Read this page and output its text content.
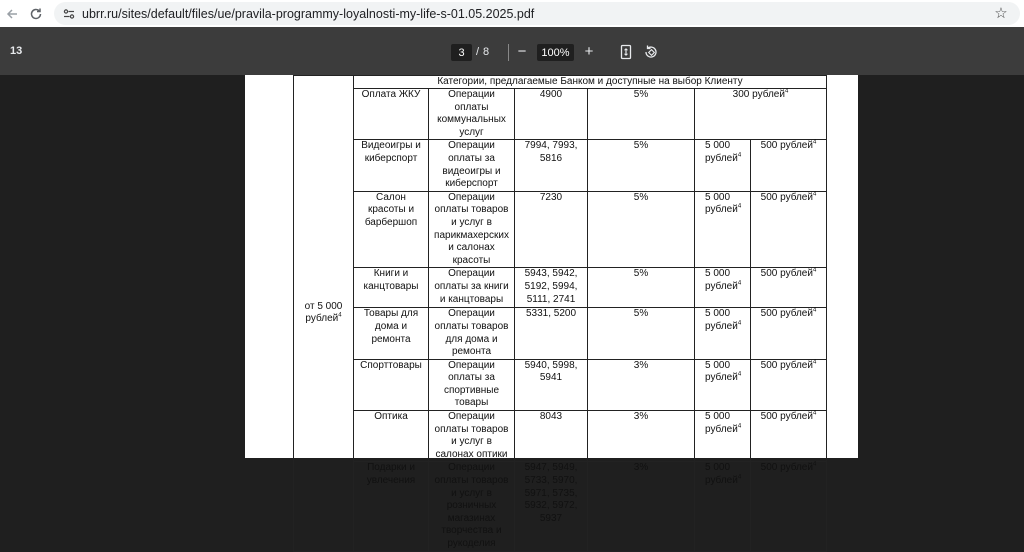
ubrr.ru/sites/default/files/ue/pravila-programmy-loyalnosti-my-life-s-01.05.2025.pdf	☆
13	3	/ 8	−	100%	+
от 5 000 рублей$^4$	Категории, предлагаемые Банком и доступные на выбор Клиенту					
	Оплата ЖКУ	Операции оплаты коммунальных услуг	4900	5%	300 рублей$^4$
	Видеоигры и киберспорт	Операции оплаты за видеоигры и киберспорт	7994, 7993, 5816	5%	5 000 рублей$^4$	500 рублей$^4$
	Салон красоты и барбершоп	Операции оплаты товаров и услуг в парикмахерских и салонах красоты	7230	5%	5 000 рублей$^4$	500 рублей$^4$
	Книги и канцтовары	Операции оплаты за книги и канцтовары	5943, 5942, 5192, 5994, 5111, 2741	5%	5 000 рублей$^4$	500 рублей$^4$
	Товары для дома и ремонта	Операции оплаты товаров для дома и ремонта	5331, 5200	5%	5 000 рублей$^4$	500 рублей$^4$
	Спорттовары	Операции оплаты за спортивные товары	5940, 5998, 5941	3%	5 000 рублей$^4$	500 рублей$^4$
	Оптика	Операции оплаты товаров и услуг в салонах оптики	8043	3%	5 000 рублей$^4$	500 рублей$^4$
	Подарки и увлечения	Операции оплаты товаров и услуг в розничных магазинах творчества и рукоделия	5947, 5949, 5733, 5970, 5971, 5735, 5932, 5972, 5937	3%	5 000 рублей$^4$	500 рублей$^4$
